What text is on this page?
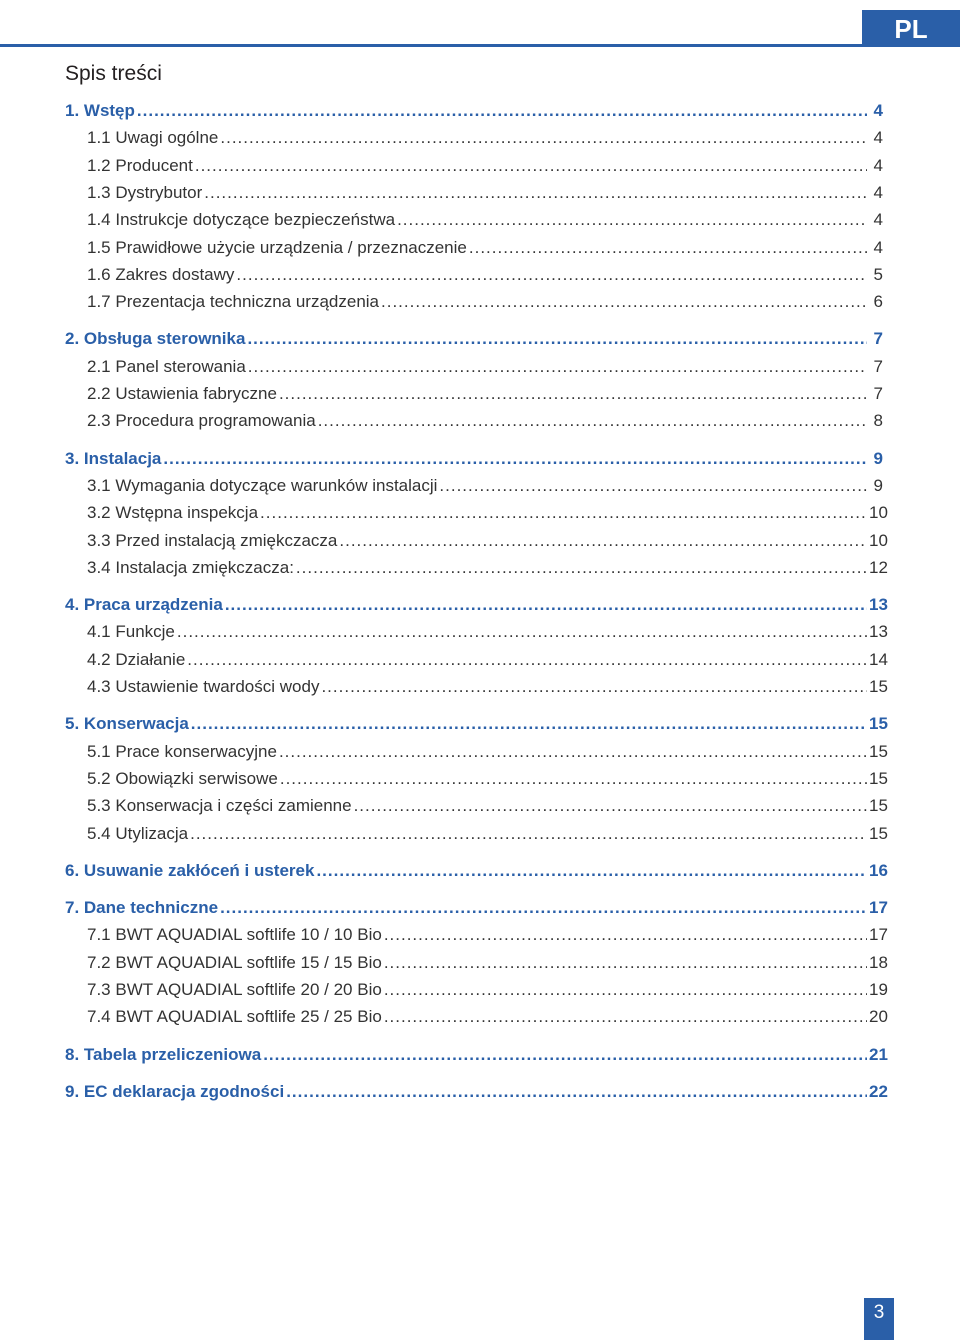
PL
Spis treści
1. Wstęp .....	4
1.1 Uwagi ogólne .....	4
1.2 Producent .....	4
1.3 Dystrybutor .....	4
1.4 Instrukcje dotyczące bezpieczeństwa .....	4
1.5 Prawidłowe użycie urządzenia / przeznaczenie .....	4
1.6 Zakres dostawy .....	5
1.7 Prezentacja techniczna urządzenia .....	6
2. Obsługa sterownika .....	7
2.1 Panel sterowania .....	7
2.2 Ustawienia fabryczne .....	7
2.3 Procedura programowania .....	8
3. Instalacja .....	9
3.1 Wymagania dotyczące warunków instalacji .....	9
3.2 Wstępna inspekcja .....	10
3.3 Przed instalacją zmiękczacza .....	10
3.4 Instalacja zmiękczacza: .....	12
4. Praca urządzenia .....	13
4.1 Funkcje .....	13
4.2 Działanie .....	14
4.3 Ustawienie twardości wody .....	15
5. Konserwacja .....	15
5.1 Prace konserwacyjne .....	15
5.2 Obowiązki serwisowe .....	15
5.3 Konserwacja i części zamienne .....	15
5.4 Utylizacja .....	15
6. Usuwanie zakłóceń i usterek .....	16
7. Dane techniczne .....	17
7.1 BWT AQUADIAL softlife 10 / 10 Bio .....	17
7.2 BWT AQUADIAL softlife 15 / 15 Bio .....	18
7.3 BWT AQUADIAL softlife 20 / 20 Bio .....	19
7.4 BWT AQUADIAL softlife 25 / 25 Bio .....	20
8. Tabela przeliczeniowa .....	21
9. EC deklaracja zgodności .....	22
3
